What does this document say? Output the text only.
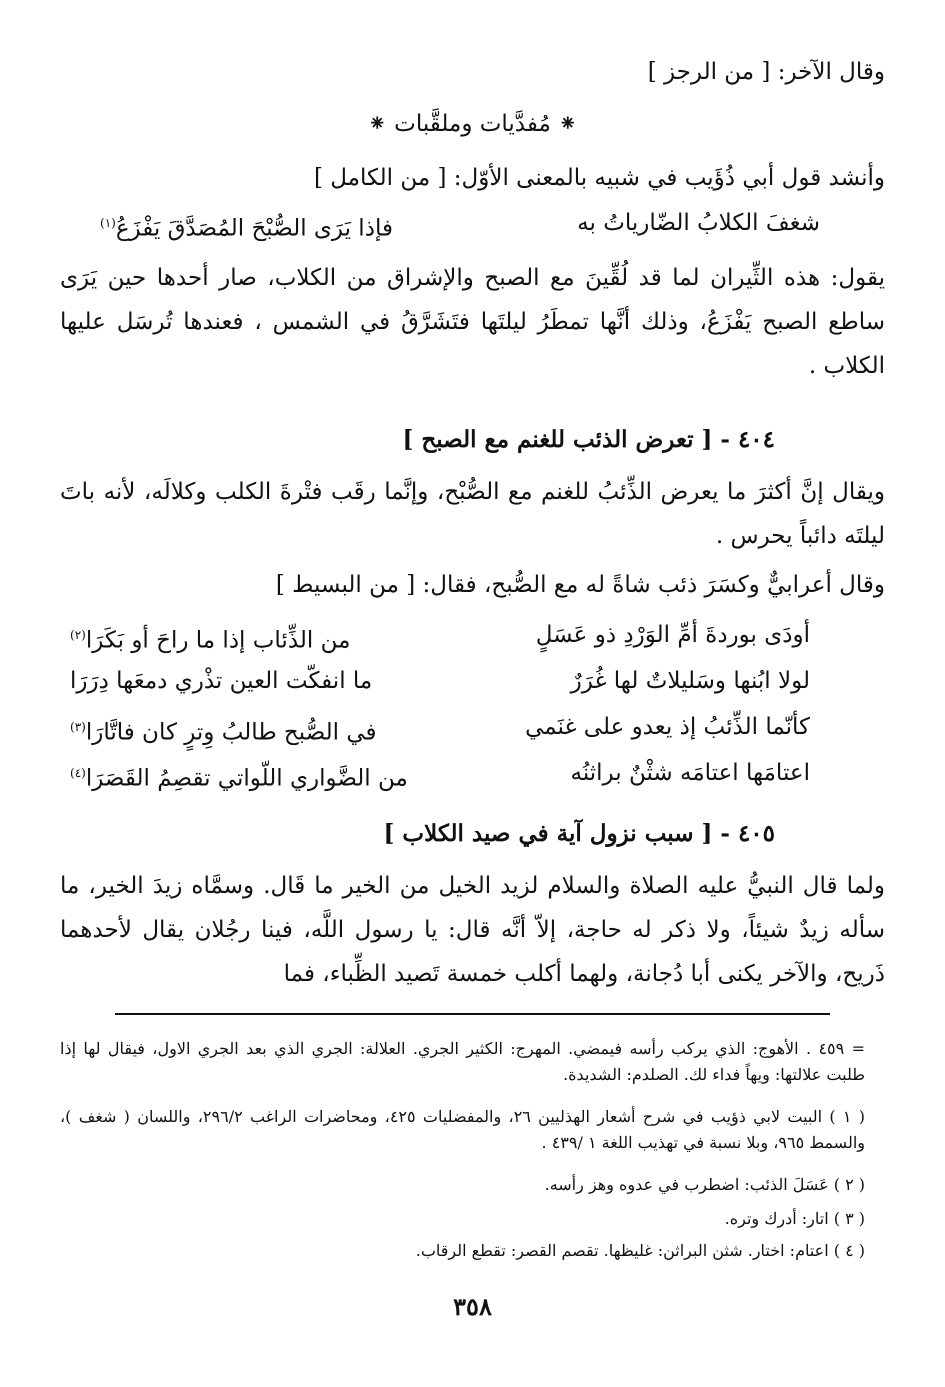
وقال الآخر: [ من الرجز ]
⁕ مُفدَّيات وملقَّبات ⁕
وأنشد قول أبي ذُؤَيب في شبيه بالمعنى الأوّل: [ من الكامل ]
شغفَ الكلابُ الضّارياتُ به
فإذا يَرَى الصُّبْحَ المُصَدَّقَ يَفْزَعُ$^{(١)}$
يقول: هذه الثِّيران لما قد لُقِّينَ مع الصبح والإشراق من الكلاب، صار أحدها حين يَرَى ساطع الصبح يَفْزَعُ، وذلك أنَّها تمطَرُ ليلتَها فتَشَرَّقُ في الشمس ، فعندها تُرسَل عليها الكلاب .
٤٠٤ - [ تعرض الذئب للغنم مع الصبح ]
ويقال إنَّ أكثرَ ما يعرض الذِّئبُ للغنم مع الصُّبْح، وإنَّما رقَب فتْرةَ الكلب وكلالَه، لأنه باتَ ليلتَه دائباً يحرس .
وقال أعرابيٌّ وكسَرَ ذئب شاةً له مع الصُّبح، فقال: [ من البسيط ]
أودَى بوردةَ أمِّ الوَرْدِ ذو عَسَلٍ
من الذِّئاب إذا ما راحَ أو بَكَرَا$^{(٢)}$
لولا ابُنها وسَليلاتٌ لها غُرَرٌ
ما انفكّت العين تذْري دمعَها دِرَرَا
كأنّما الذِّئبُ إذ يعدو على غنَمي
في الصُّبح طالبُ وِترٍ كان فاتَّارَا$^{(٣)}$
اعتامَها اعتامَه شثْنٌ براثنُه
من الضَّواري اللّواتي تقصِمُ القَصَرَا$^{(٤)}$
٤٠٥ - [ سبب نزول آية في صيد الكلاب ]
ولما قال النبيُّ عليه الصلاة والسلام لزيد الخيل من الخير ما قَال. وسمَّاه زيدَ الخير، ما سأله زيدٌ شيئاً، ولا ذكر له حاجة، إلاّ أنَّه قال: يا رسول اللَّه، فينا رجُلان يقال لأحدهما ذَريح، والآخر يكنى أبا دُجانة، ولهما أكلب خمسة تَصيد الظِّباء، فما
= ٤٥٩ . الأهوج: الذي يركب رأسه فيمضي. المهرج: الكثير الجري. العلالة: الجري الذي بعد الجري الاول، فيقال لها إذا طلبت علالتها: ويهاً فداء لك. الصلدم: الشديدة.
( ١ ) البيت لابي ذؤيب في شرح أشعار الهذليين ٢٦، والمفضليات ٤٢٥، ومحاضرات الراغب ٢٩٦/٢، واللسان ( شغف )، والسمط ٩٦٥، وبلا نسبة في تهذيب اللغة ١ /٤٣٩ .
( ٢ ) عَسَلَ الذئب: اضطرب في عدوه وهز رأسه.
( ٣ ) اتار: أدرك وتره.
( ٤ ) اعتام: اختار. شثن البراثن: غليظها. تقصم القصر: تقطع الرقاب.
٣٥٨
